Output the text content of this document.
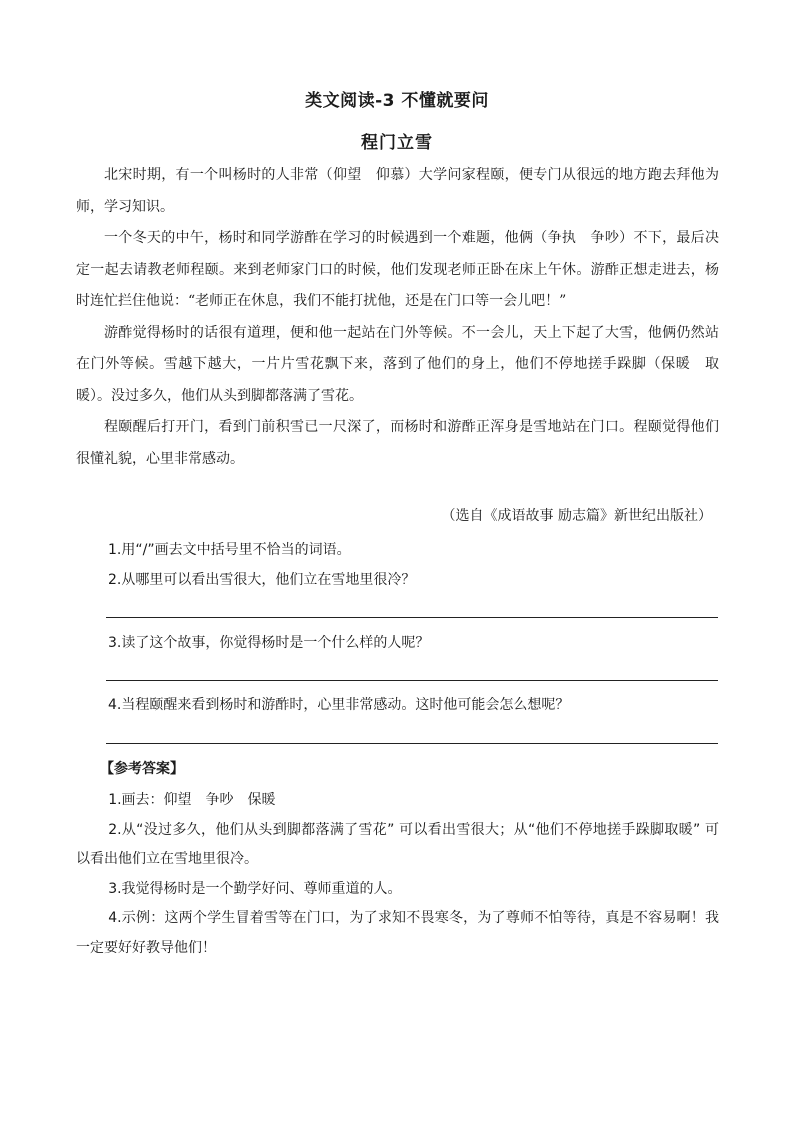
类文阅读-3 不懂就要问
程门立雪

北宋时期，有一个叫杨时的人非常（仰望　仰慕）大学问家程颐，便专门从很远的地方跑去拜他为师，学习知识。

一个冬天的中午，杨时和同学游酢在学习的时候遇到一个难题，他俩（争执　争吵）不下，最后决定一起去请教老师程颐。来到老师家门口的时候，他们发现老师正卧在床上午休。游酢正想走进去，杨时连忙拦住他说：“老师正在休息，我们不能打扰他，还是在门口等一会儿吧！”

游酢觉得杨时的话很有道理，便和他一起站在门外等候。不一会儿，天上下起了大雪，他俩仍然站在门外等候。雪越下越大，一片片雪花飘下来，落到了他们的身上，他们不停地搓手跺脚（保暖　取暖）。没过多久，他们从头到脚都落满了雪花。

程颐醒后打开门，看到门前积雪已一尺深了，而杨时和游酢正浑身是雪地站在门口。程颐觉得他们很懂礼貌，心里非常感动。

（选自《成语故事 励志篇》新世纪出版社）
1.用“/”画去文中括号里不恰当的词语。
2.从哪里可以看出雪很大，他们立在雪地里很冷？
3.读了这个故事，你觉得杨时是一个什么样的人呢？
4.当程颐醒来看到杨时和游酢时，心里非常感动。这时他可能会怎么想呢？
【参考答案】

1.画去：仰望　争吵　保暖

2.从“没过多久，他们从头到脚都落满了雪花” 可以看出雪很大；从“他们不停地搓手跺脚取暖” 可以看出他们立在雪地里很冷。

3.我觉得杨时是一个勤学好问、尊师重道的人。

4.示例：这两个学生冒着雪等在门口，为了求知不畏寒冬，为了尊师不怕等待，真是不容易啊！我一定要好好教导他们！
